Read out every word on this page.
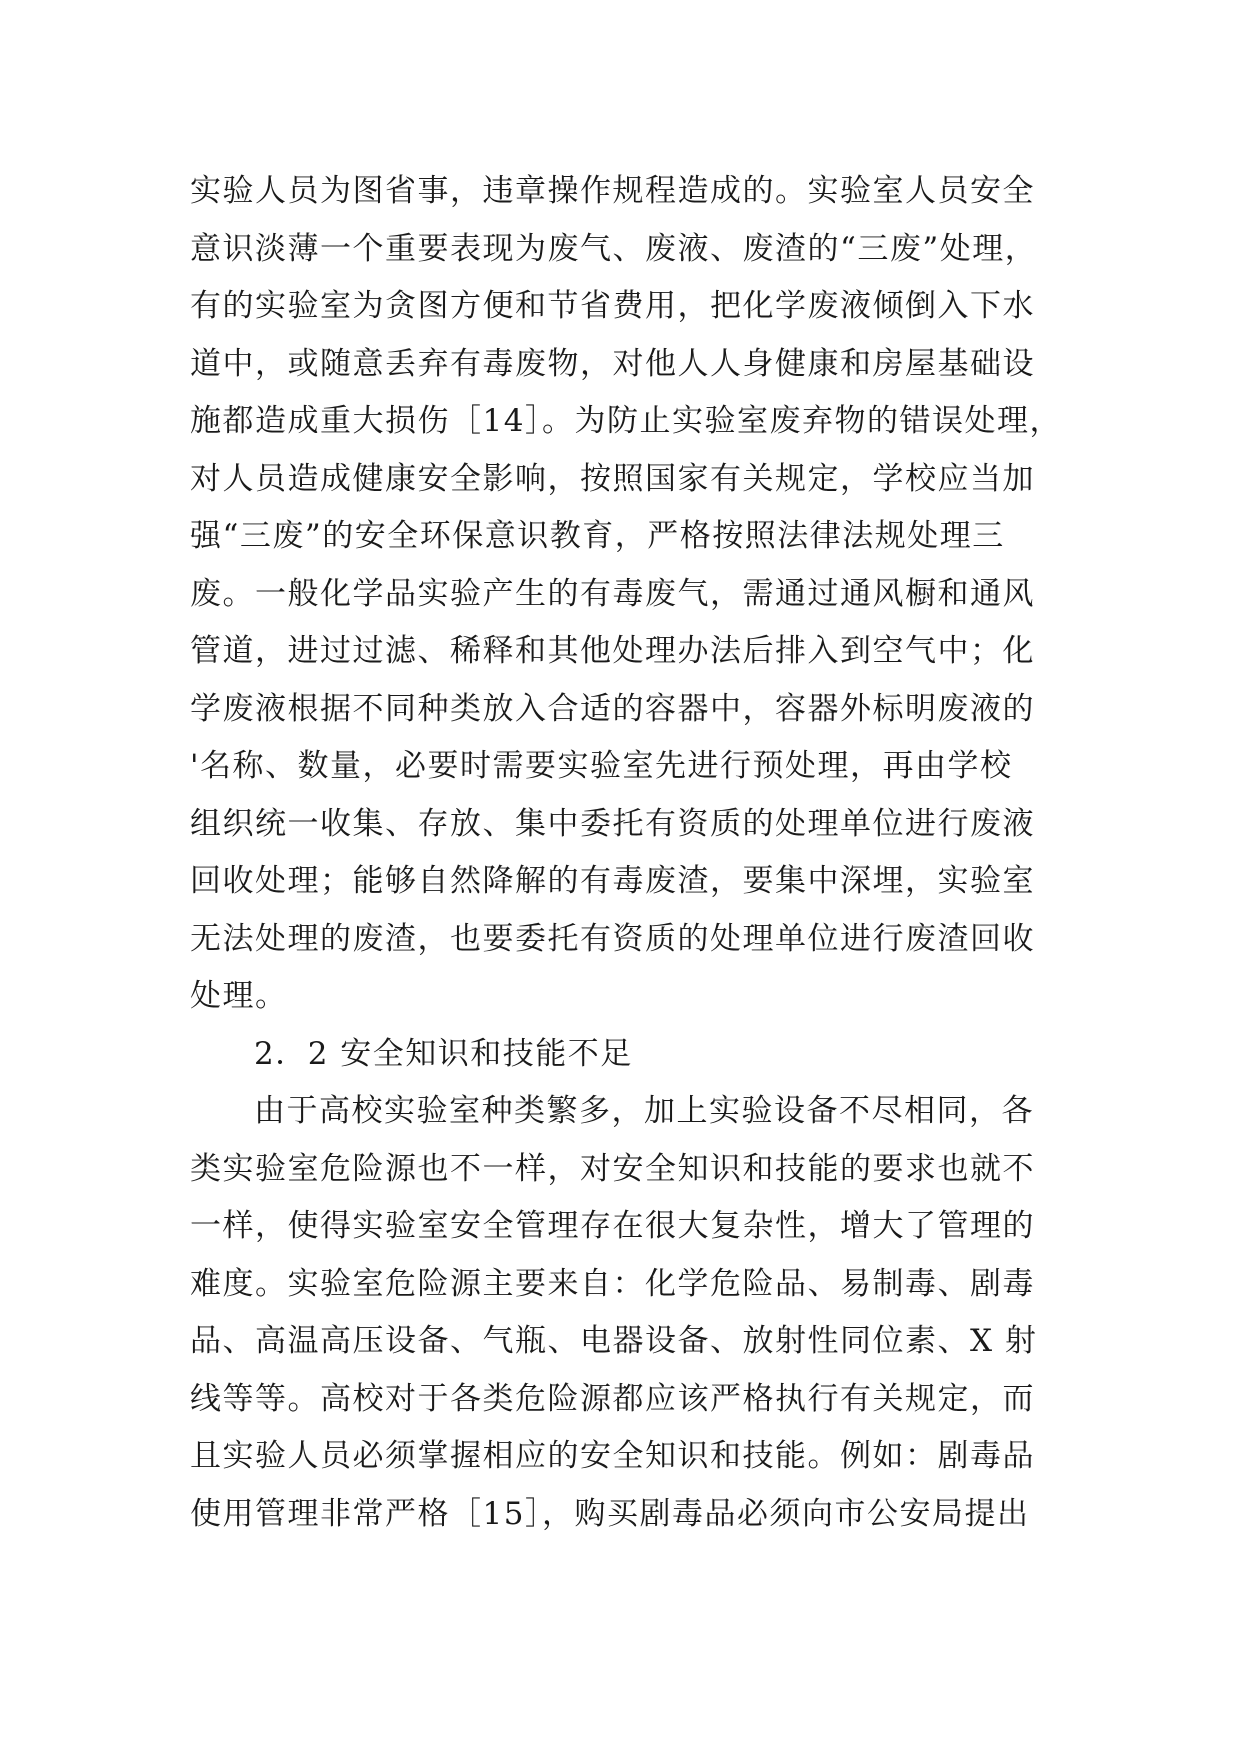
实验人员为图省事，违章操作规程造成的。实验室人员安全
意识淡薄一个重要表现为废气、废液、废渣的“三废”处理，
有的实验室为贪图方便和节省费用，把化学废液倾倒入下水
道中，或随意丢弃有毒废物，对他人人身健康和房屋基础设
施都造成重大损伤［14］。为防止实验室废弃物的错误处理，
对人员造成健康安全影响，按照国家有关规定，学校应当加
强“三废”的安全环保意识教育，严格按照法律法规处理三
废。一般化学品实验产生的有毒废气，需通过通风橱和通风
管道，进过过滤、稀释和其他处理办法后排入到空气中；化
学废液根据不同种类放入合适的容器中，容器外标明废液的
'名称、数量，必要时需要实验室先进行预处理，再由学校
组织统一收集、存放、集中委托有资质的处理单位进行废液
回收处理；能够自然降解的有毒废渣，要集中深埋，实验室
无法处理的废渣，也要委托有资质的处理单位进行废渣回收
处理。
2．2 安全知识和技能不足
由于高校实验室种类繁多，加上实验设备不尽相同，各
类实验室危险源也不一样，对安全知识和技能的要求也就不
一样，使得实验室安全管理存在很大复杂性，增大了管理的
难度。实验室危险源主要来自：化学危险品、易制毒、剧毒
品、高温高压设备、气瓶、电器设备、放射性同位素、X 射
线等等。高校对于各类危险源都应该严格执行有关规定，而
且实验人员必须掌握相应的安全知识和技能。例如：剧毒品
使用管理非常严格［15］，购买剧毒品必须向市公安局提出
